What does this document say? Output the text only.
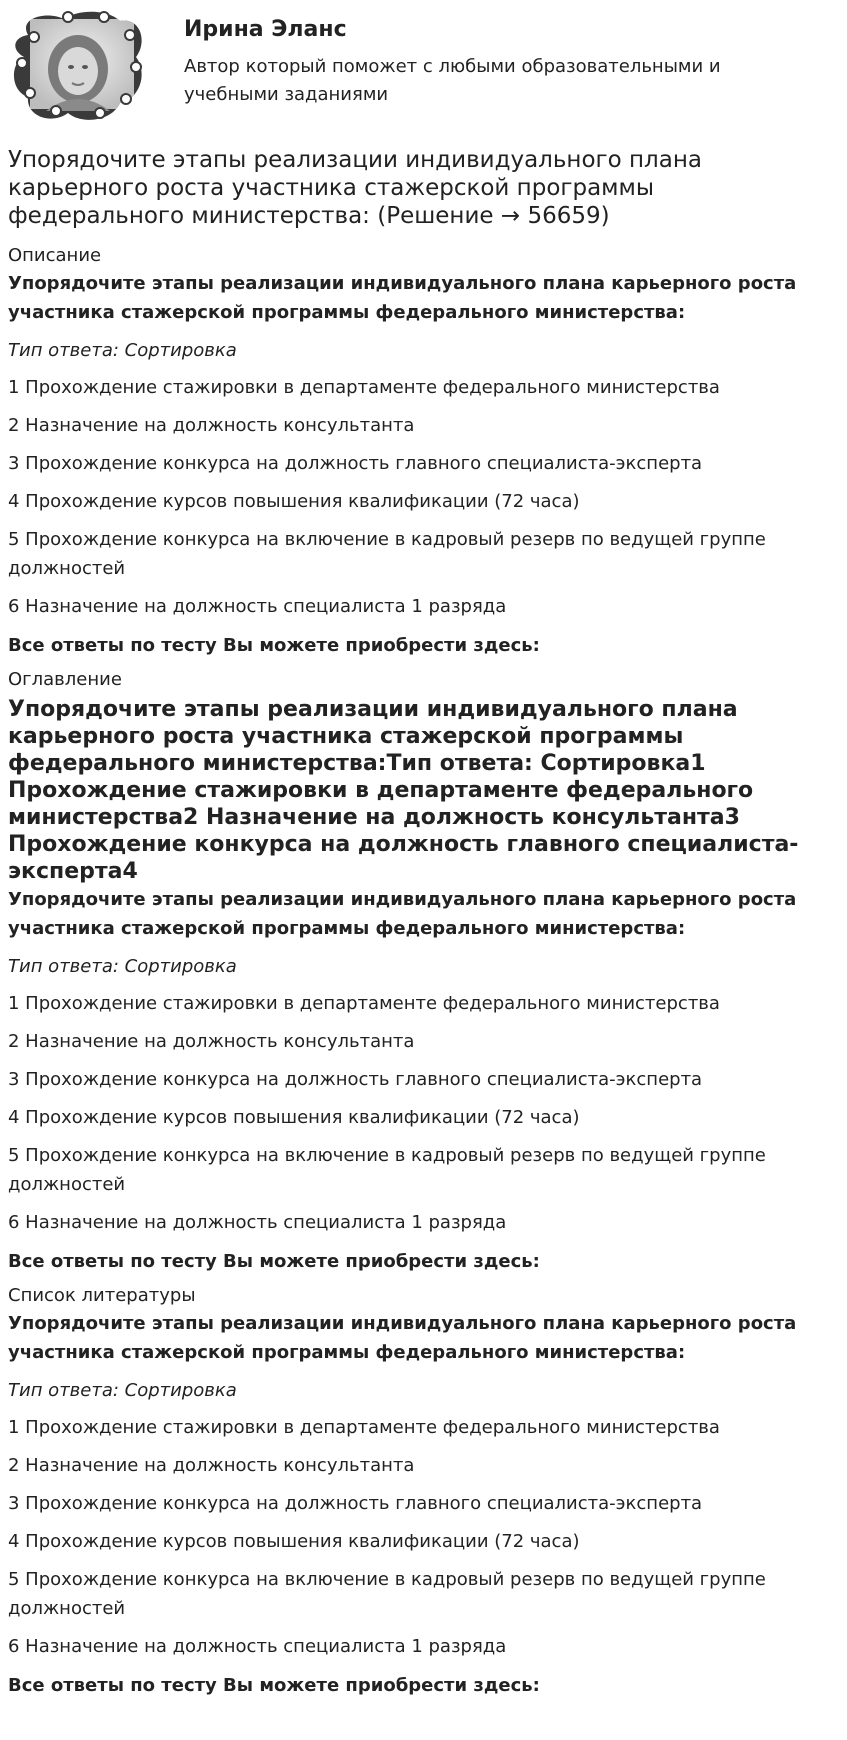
Ирина Эланс
Автор который поможет с любыми образовательными и учебными заданиями
Упорядочите этапы реализации индивидуального плана карьерного роста участника стажерской программы федерального министерства: (Решение → 56659)
Описание
Упорядочите этапы реализации индивидуального плана карьерного роста участника стажерской программы федерального министерства:
Тип ответа: Сортировка
1 Прохождение стажировки в департаменте федерального министерства
2 Назначение на должность консультанта
3 Прохождение конкурса на должность главного специалиста-эксперта
4 Прохождение курсов повышения квалификации (72 часа)
5 Прохождение конкурса на включение в кадровый резерв по ведущей группе должностей
6 Назначение на должность специалиста 1 разряда
Все ответы по тесту Вы можете приобрести здесь:
Оглавление
Упорядочите этапы реализации индивидуального плана карьерного роста участника стажерской программы федерального министерства:Тип ответа: Сортировка1 Прохождение стажировки в департаменте федерального министерства2 Назначение на должность консультанта3 Прохождение конкурса на должность главного специалиста-эксперта4
Упорядочите этапы реализации индивидуального плана карьерного роста участника стажерской программы федерального министерства:
Тип ответа: Сортировка
1 Прохождение стажировки в департаменте федерального министерства
2 Назначение на должность консультанта
3 Прохождение конкурса на должность главного специалиста-эксперта
4 Прохождение курсов повышения квалификации (72 часа)
5 Прохождение конкурса на включение в кадровый резерв по ведущей группе должностей
6 Назначение на должность специалиста 1 разряда
Все ответы по тесту Вы можете приобрести здесь:
Список литературы
Упорядочите этапы реализации индивидуального плана карьерного роста участника стажерской программы федерального министерства:
Тип ответа: Сортировка
1 Прохождение стажировки в департаменте федерального министерства
2 Назначение на должность консультанта
3 Прохождение конкурса на должность главного специалиста-эксперта
4 Прохождение курсов повышения квалификации (72 часа)
5 Прохождение конкурса на включение в кадровый резерв по ведущей группе должностей
6 Назначение на должность специалиста 1 разряда
Все ответы по тесту Вы можете приобрести здесь:
